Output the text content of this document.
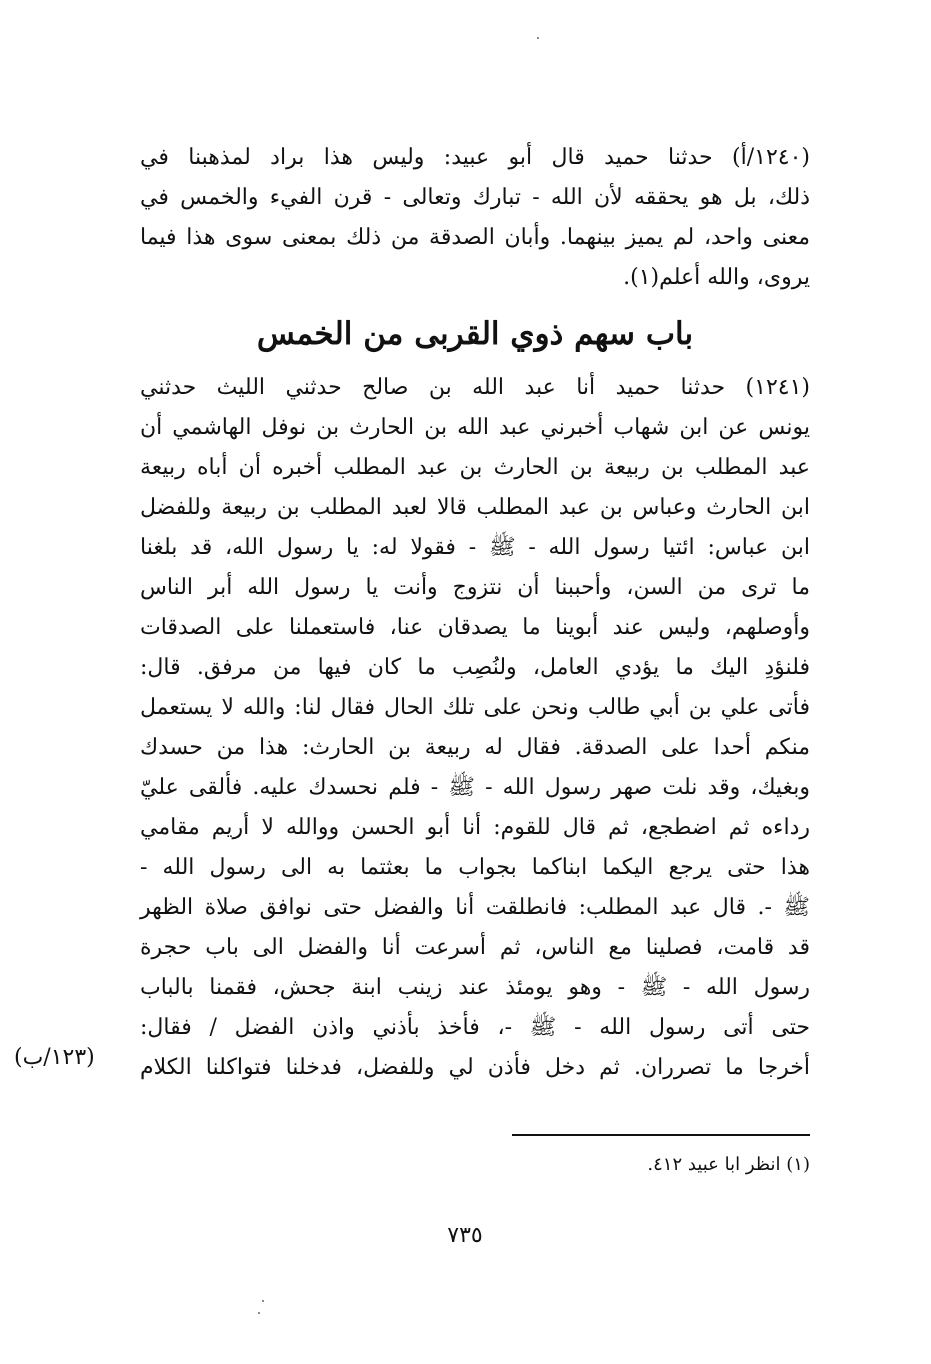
(١٢٤٠/أ) حدثنا حميد قال أبو عبيد: وليس هذا براد لمذهبنا في
ذلك، بل هو يحققه لأن الله - تبارك وتعالى - قرن الفيء والخمس في
معنى واحد، لم يميز بينهما. وأبان الصدقة من ذلك بمعنى سوى هذا فيما
يروى، والله أعلم(١).
باب سهم ذوي القربى من الخمس
(١٢٤١) حدثنا حميد أنا عبد الله بن صالح حدثني الليث حدثني
يونس عن ابن شهاب أخبرني عبد الله بن الحارث بن نوفل الهاشمي أن
عبد المطلب بن ربيعة بن الحارث بن عبد المطلب أخبره أن أباه ربيعة
ابن الحارث وعباس بن عبد المطلب قالا لعبد المطلب بن ربيعة وللفضل
ابن عباس: ائتيا رسول الله - ﷺ - فقولا له: يا رسول الله، قد بلغنا
ما ترى من السن، وأحببنا أن نتزوج وأنت يا رسول الله أبر الناس
وأوصلهم، وليس عند أبوينا ما يصدقان عنا، فاستعملنا على الصدقات
فلنؤدِ اليك ما يؤدي العامل، ولنُصِب ما كان فيها من مرفق. قال:
فأتى علي بن أبي طالب ونحن على تلك الحال فقال لنا: والله لا يستعمل
منكم أحدا على الصدقة. فقال له ربيعة بن الحارث: هذا من حسدك
وبغيك، وقد نلت صهر رسول الله - ﷺ - فلم نحسدك عليه. فألقى عليّ
رداءه ثم اضطجع، ثم قال للقوم: أنا أبو الحسن ووالله لا أريم مقامي
هذا حتى يرجع اليكما ابناكما بجواب ما بعثتما به الى رسول الله -
ﷺ -. قال عبد المطلب: فانطلقت أنا والفضل حتى نوافق صلاة الظهر
قد قامت، فصلينا مع الناس، ثم أسرعت أنا والفضل الى باب حجرة
رسول الله - ﷺ - وهو يومئذ عند زينب ابنة جحش، فقمنا بالباب
حتى أتى رسول الله - ﷺ -، فأخذ بأذني واذن الفضل / فقال:
أخرجا ما تصرران. ثم دخل فأذن لي وللفضل، فدخلنا فتواكلنا الكلام
(١٢٣/ب)
(١) انظر ابا عبيد ٤١٢.
٧٣٥
